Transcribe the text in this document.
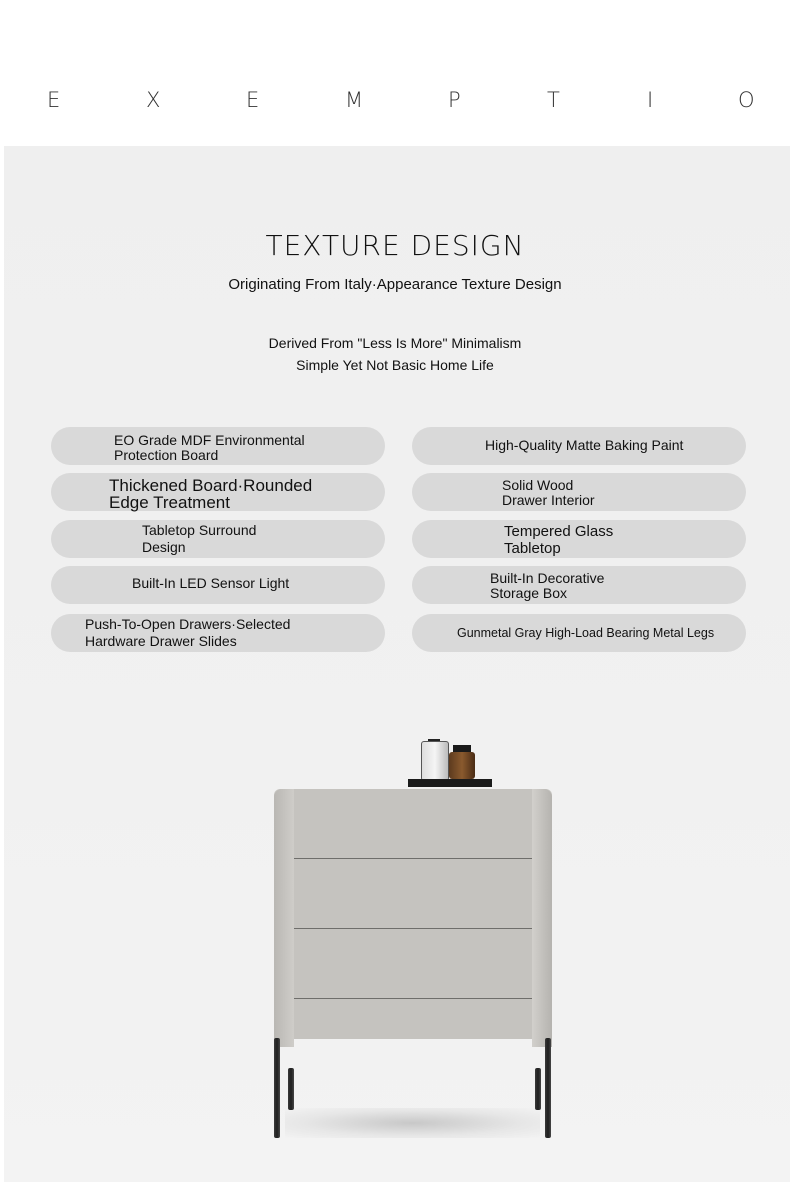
E	X	E	M	P	T	I	O
TEXTURE DESIGN
Originating From Italy·Appearance Texture Design
Derived From "Less Is More" Minimalism
Simple Yet Not Basic Home Life
EO Grade MDF Environmental
Protection Board
Thickened Board·Rounded
Edge Treatment
Tabletop Surround
Design
Built-In LED Sensor Light
Push-To-Open Drawers·Selected
Hardware Drawer Slides
High-Quality Matte Baking Paint
Solid Wood
Drawer Interior
Tempered Glass
Tabletop
Built-In Decorative
Storage Box
Gunmetal Gray High-Load Bearing Metal Legs
